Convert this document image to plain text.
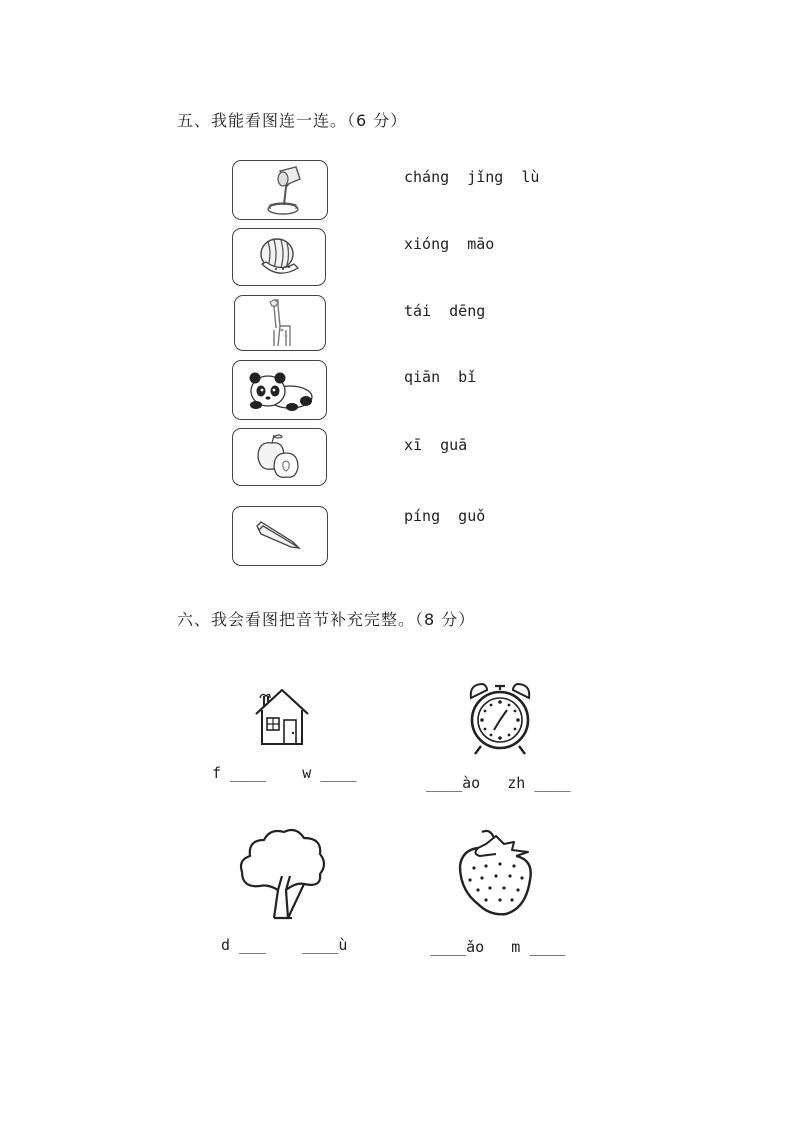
五、我能看图连一连。（6 分）
cháng  jǐng  lù
xióng  māo
tái  dēng
qiān  bǐ
xī  guā
píng  guǒ
六、我会看图把音节补充完整。（8 分）
f ____    w ____
____ào   zh ____
d ___    ____ù	____ǎo   m ____
